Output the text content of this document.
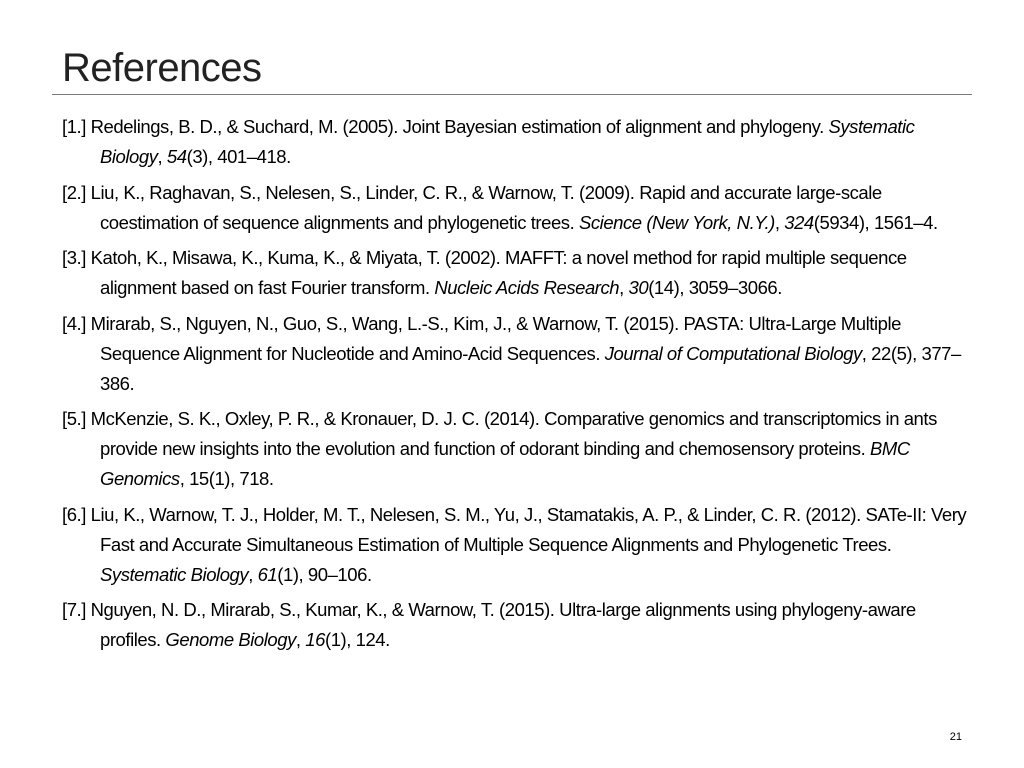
References

[1.] Redelings, B. D., & Suchard, M. (2005). Joint Bayesian estimation of alignment and phylogeny. Systematic Biology, 54(3), 401–418.

[2.] Liu, K., Raghavan, S., Nelesen, S., Linder, C. R., & Warnow, T. (2009). Rapid and accurate large-scale coestimation of sequence alignments and phylogenetic trees. Science (New York, N.Y.), 324(5934), 1561–4.

[3.] Katoh, K., Misawa, K., Kuma, K., & Miyata, T. (2002). MAFFT: a novel method for rapid multiple sequence alignment based on fast Fourier transform. Nucleic Acids Research, 30(14), 3059–3066.

[4.] Mirarab, S., Nguyen, N., Guo, S., Wang, L.-S., Kim, J., & Warnow, T. (2015). PASTA: Ultra-Large Multiple Sequence Alignment for Nucleotide and Amino-Acid Sequences. Journal of Computational Biology, 22(5), 377–386.

[5.] McKenzie, S. K., Oxley, P. R., & Kronauer, D. J. C. (2014). Comparative genomics and transcriptomics in ants provide new insights into the evolution and function of odorant binding and chemosensory proteins. BMC Genomics, 15(1), 718.

[6.] Liu, K., Warnow, T. J., Holder, M. T., Nelesen, S. M., Yu, J., Stamatakis, A. P., & Linder, C. R. (2012). SATe-II: Very Fast and Accurate Simultaneous Estimation of Multiple Sequence Alignments and Phylogenetic Trees. Systematic Biology, 61(1), 90–106.

[7.] Nguyen, N. D., Mirarab, S., Kumar, K., & Warnow, T. (2015). Ultra-large alignments using phylogeny-aware profiles. Genome Biology, 16(1), 124.

21
